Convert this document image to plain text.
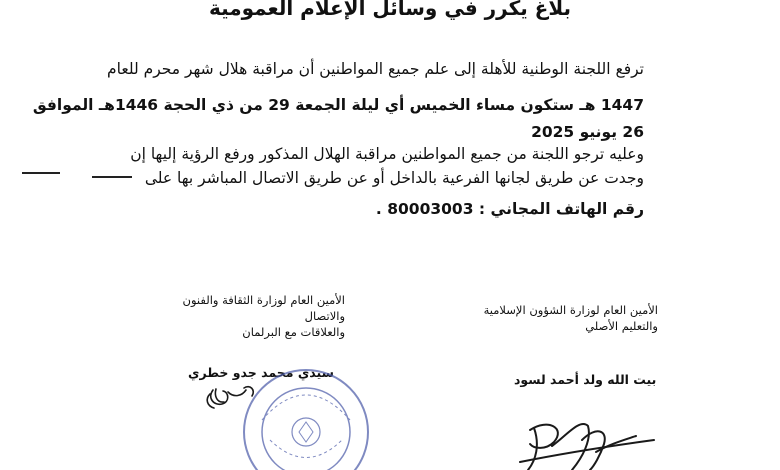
بلاغ يكرر في وسائل الإعلام العمومية
ترفع اللجنة الوطنية للأهلة إلى علم جميع المواطنين أن مراقبة هلال شهر محرم للعام
1447 هـ ستكون مساء الخميس أي ليلة الجمعة 29 من ذي الحجة 1446هـ الموافق
26 يونيو 2025
وعليه ترجو اللجنة من جميع المواطنين مراقبة الهلال المذكور ورفع الرؤية إليها إن
وجدت عن طريق لجانها الفرعية بالداخل أو عن طريق الاتصال المباشر بها على
رقم الهاتف المجاني : 80003003 .
الأمين العام لوزارة الثقافة والفنون والاتصال
والعلاقات مع البرلمان
الأمين العام لوزارة الشؤون الإسلامية
والتعليم الأصلي
سيدي محمد جدو خطري	بيت الله ولد أحمد لسود
